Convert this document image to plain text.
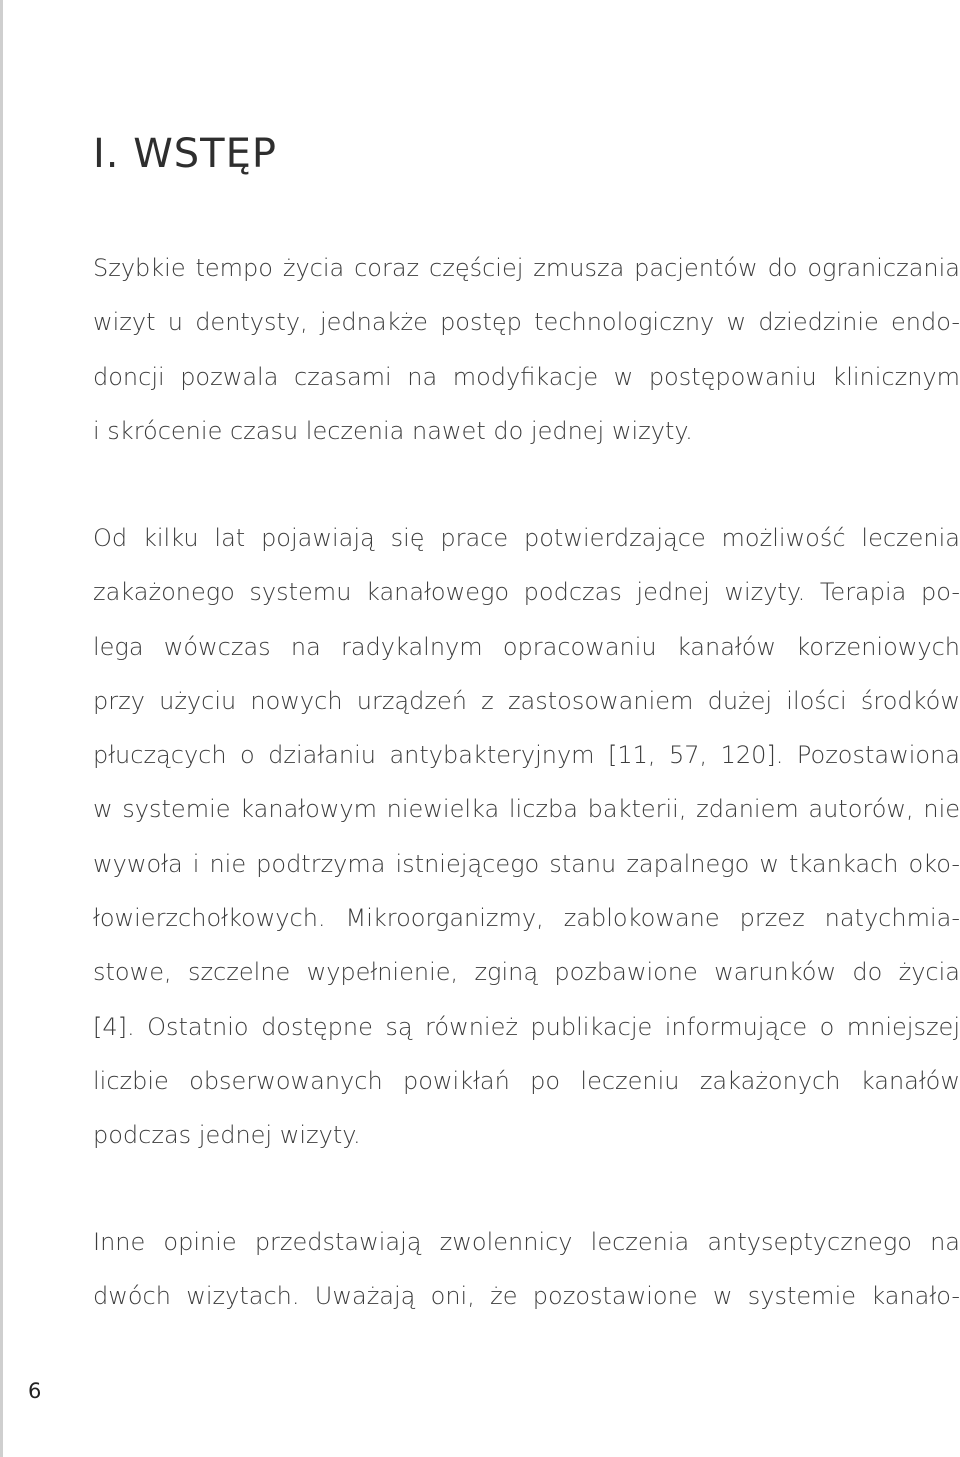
I. WSTĘP
Szybkie tempo życia coraz częściej zmusza pacjentów do ograniczania
wizyt u dentysty, jednakże postęp technologiczny w dziedzinie endo-
doncji pozwala czasami na modyfikacje w postępowaniu klinicznym
i skrócenie czasu leczenia nawet do jednej wizyty.
Od kilku lat pojawiają się prace potwierdzające możliwość leczenia
zakażonego systemu kanałowego podczas jednej wizyty. Terapia po-
lega wówczas na radykalnym opracowaniu kanałów korzeniowych
przy użyciu nowych urządzeń z zastosowaniem dużej ilości środków
płuczących o działaniu antybakteryjnym [11, 57, 120]. Pozostawiona
w systemie kanałowym niewielka liczba bakterii, zdaniem autorów, nie
wywoła i nie podtrzyma istniejącego stanu zapalnego w tkankach oko-
łowierzchołkowych. Mikroorganizmy, zablokowane przez natychmia-
stowe, szczelne wypełnienie, zginą pozbawione warunków do życia
[4]. Ostatnio dostępne są również publikacje informujące o mniejszej
liczbie obserwowanych powikłań po leczeniu zakażonych kanałów
podczas jednej wizyty.
Inne opinie przedstawiają zwolennicy leczenia antyseptycznego na
dwóch wizytach. Uważają oni, że pozostawione w systemie kanało-
6
